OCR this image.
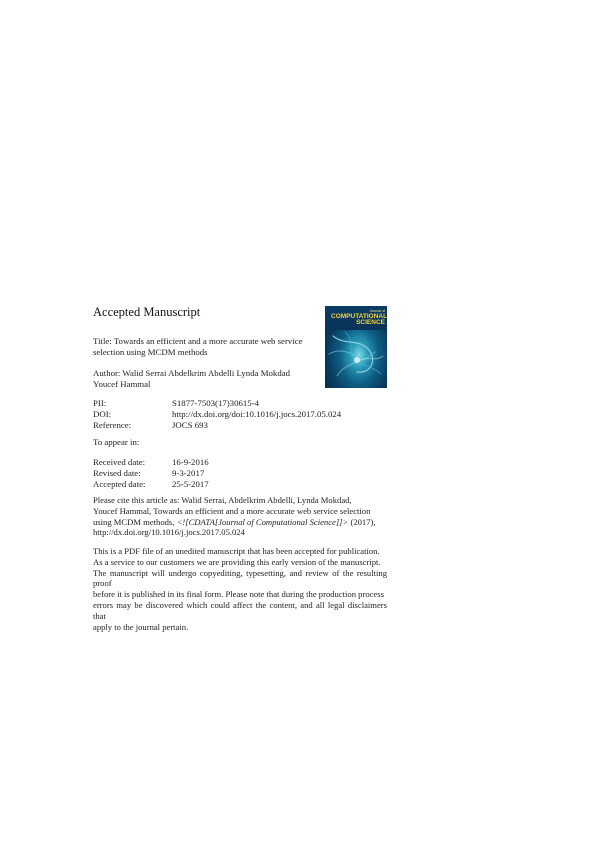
Accepted Manuscript	Journal of
COMPUTATIONAL
SCIENCE
Title: Towards an efficient and a more accurate web service
selection using MCDM methods
Author: Walid Serrai Abdelkrim Abdelli Lynda Mokdad
Youcef Hammal
PII:	S1877-7503(17)30615-4
DOI:	http://dx.doi.org/doi:10.1016/j.jocs.2017.05.024
Reference:	JOCS 693
To appear in:
Received date:	16-9-2016
Revised date:	9-3-2017
Accepted date:	25-5-2017
Please cite this article as: Walid Serrai, Abdelkrim Abdelli, Lynda Mokdad,
Youcef Hammal, Towards an efficient and a more accurate web service selection
using MCDM methods, <![CDATA[Journal of Computational Science]]> (2017),
http://dx.doi.org/10.1016/j.jocs.2017.05.024
This is a PDF file of an unedited manuscript that has been accepted for publication.
As a service to our customers we are providing this early version of the manuscript.
The manuscript will undergo copyediting, typesetting, and review of the resulting proof
before it is published in its final form. Please note that during the production process
errors may be discovered which could affect the content, and all legal disclaimers that
apply to the journal pertain.
